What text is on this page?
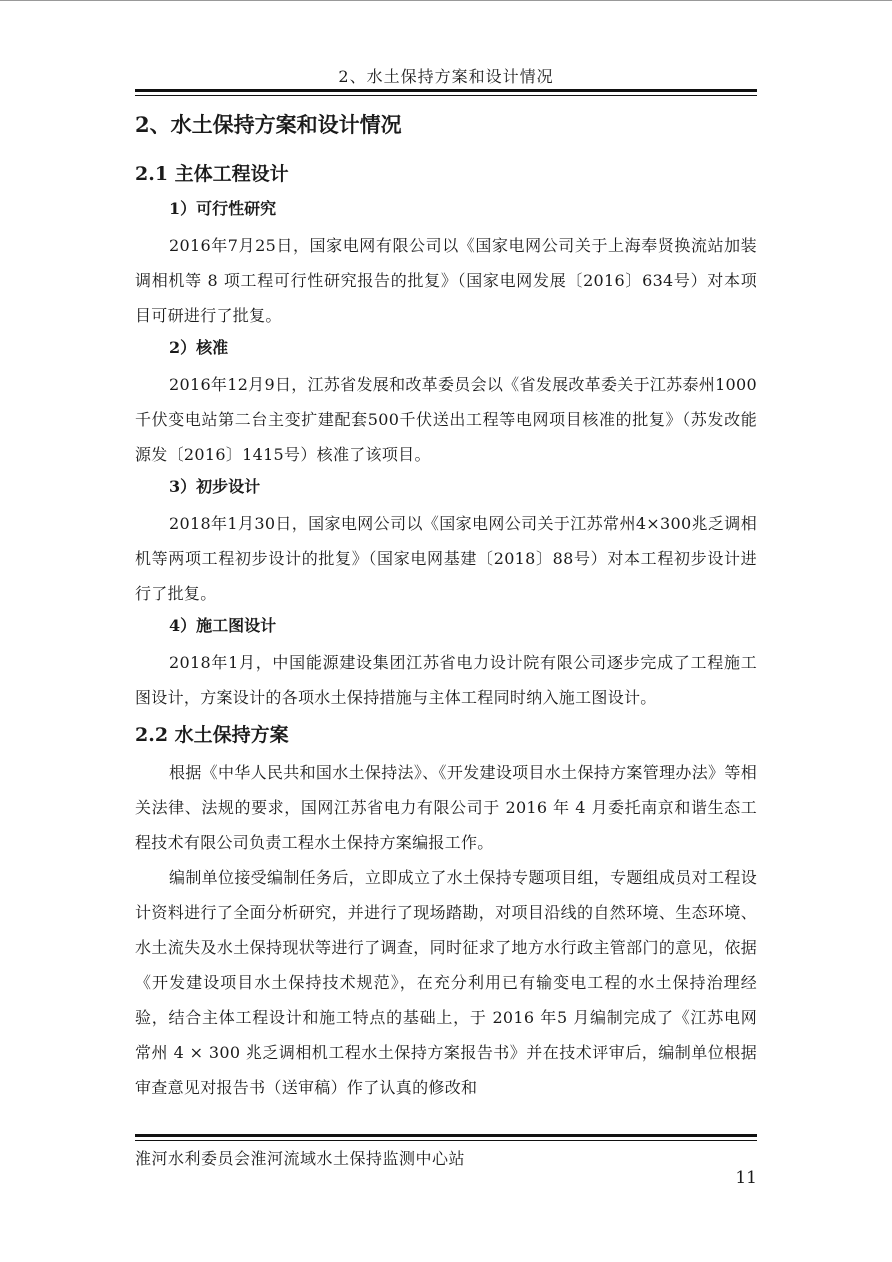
2、水土保持方案和设计情况
2、水土保持方案和设计情况
2.1 主体工程设计
1）可行性研究

2016年7月25日，国家电网有限公司以《国家电网公司关于上海奉贤换流站加装调相机等 8 项工程可行性研究报告的批复》（国家电网发展〔2016〕634号）对本项目可研进行了批复。

2）核准

2016年12月9日，江苏省发展和改革委员会以《省发展改革委关于江苏泰州1000千伏变电站第二台主变扩建配套500千伏送出工程等电网项目核准的批复》（苏发改能源发〔2016〕1415号）核准了该项目。

3）初步设计

2018年1月30日，国家电网公司以《国家电网公司关于江苏常州4×300兆乏调相机等两项工程初步设计的批复》（国家电网基建〔2018〕88号）对本工程初步设计进行了批复。

4）施工图设计

2018年1月，中国能源建设集团江苏省电力设计院有限公司逐步完成了工程施工图设计，方案设计的各项水土保持措施与主体工程同时纳入施工图设计。

2.2 水土保持方案

根据《中华人民共和国水土保持法》、《开发建设项目水土保持方案管理办法》等相关法律、法规的要求，国网江苏省电力有限公司于 2016 年 4 月委托南京和谐生态工程技术有限公司负责工程水土保持方案编报工作。

编制单位接受编制任务后，立即成立了水土保持专题项目组，专题组成员对工程设计资料进行了全面分析研究，并进行了现场踏勘，对项目沿线的自然环境、生态环境、水土流失及水土保持现状等进行了调查，同时征求了地方水行政主管部门的意见，依据《开发建设项目水土保持技术规范》，在充分利用已有输变电工程的水土保持治理经验，结合主体工程设计和施工特点的基础上，于 2016 年5 月编制完成了《江苏电网常州 4 × 300 兆乏调相机工程水土保持方案报告书》并在技术评审后，编制单位根据审查意见对报告书（送审稿）作了认真的修改和

淮河水利委员会淮河流域水土保持监测中心站
11
